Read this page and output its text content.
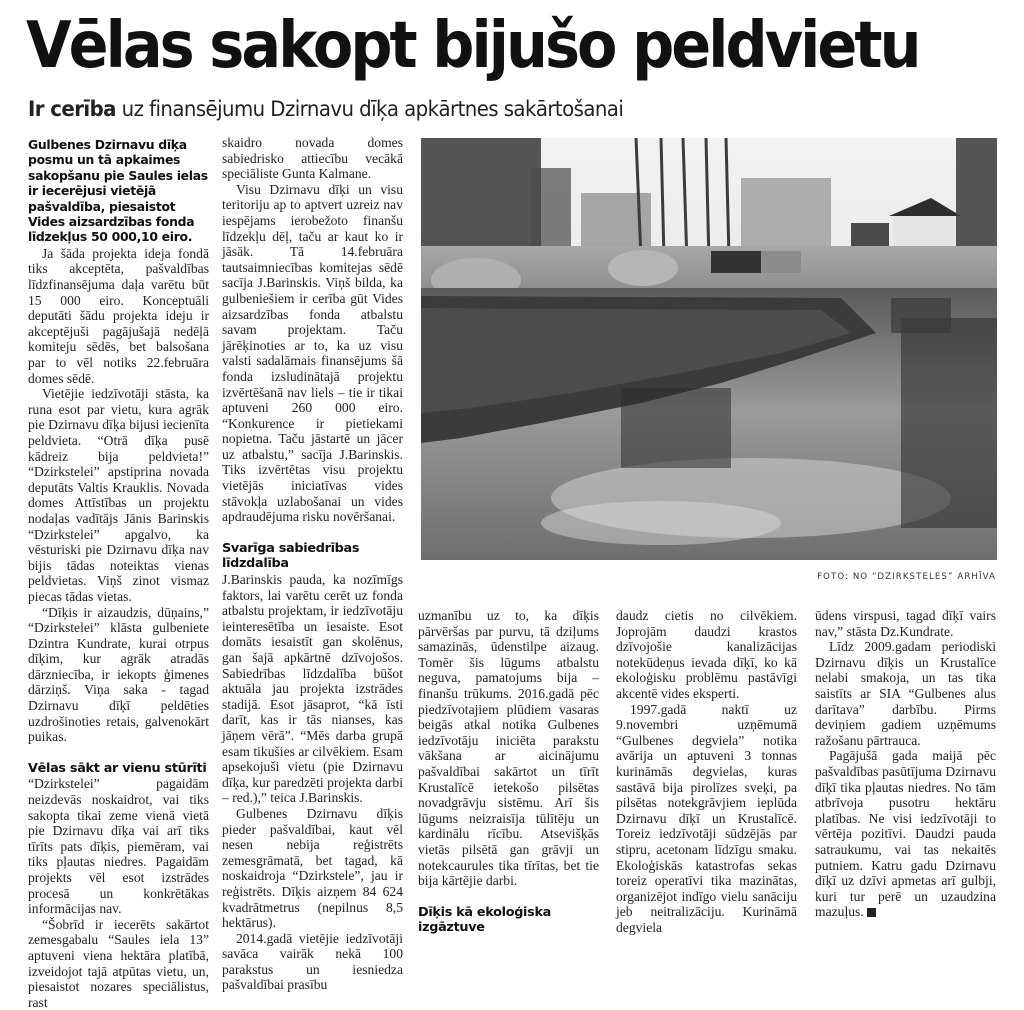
Vēlas sakopt bijušo peldvietu
Ir cerība uz finansējumu Dzirnavu dīķa apkārtnes sakārtošanai
Gulbenes Dzirnavu dīķa posmu un tā apkaimes sakopšanu pie Saules ielas ir iecerējusi vietējā pašvaldība, piesaistot Vides aizsardzības fonda līdzekļus 50 000,10 eiro.

Ja šāda projekta ideja fondā tiks akceptēta, pašvaldības līdzfinansējuma daļa varētu būt 15 000 eiro. Konceptuāli deputāti šādu projekta ideju ir akceptējuši pagājušajā nedēļā komiteju sēdēs, bet balsošana par to vēl notiks 22.februāra domes sēdē.

Vietējie iedzīvotāji stāsta, ka runa esot par vietu, kura agrāk pie Dzirnavu dīķa bijusi iecienīta peldvieta. “Otrā dīķa pusē kādreiz bija peldvieta!” “Dzirkstelei” apstiprina novada deputāts Valtis Krauklis. Novada domes Attīstības un projektu nodaļas vadītājs Jānis Barinskis “Dzirkstelei” apgalvo, ka vēsturiski pie Dzirnavu dīķa nav bijis tādas noteiktas vienas peldvietas. Viņš zinot vismaz piecas tādas vietas.

“Dīķis ir aizaudzis, dūņains,” “Dzirkstelei” klāsta gulbeniete Dzintra Kundrate, kurai otrpus dīķim, kur agrāk atradās dārzniecība, ir iekopts ģimenes dārziņš. Viņa saka - tagad Dzirnavu dīķī peldēties uzdrošinoties retais, galvenokārt puikas.

Vēlas sākt ar vienu stūrīti

“Dzirkstelei” pagaidām neizdevās noskaidrot, vai tiks sakopta tikai zeme vienā vietā pie Dzirnavu dīķa vai arī tiks tīrīts pats dīķis, piemēram, vai tiks pļautas niedres. Pagaidām projekts vēl esot izstrādes procesā un konkrētākas informācijas nav.

“Šobrīd ir iecerēts sakārtot zemesgabalu “Saules iela 13” aptuveni viena hektāra platībā, izveidojot tajā atpūtas vietu, un, piesaistot nozares speciālistus, rast

skaidro novada domes sabiedrisko attiecību vecākā speciāliste Gunta Kalmane.

Visu Dzirnavu dīķi un visu teritoriju ap to aptvert uzreiz nav iespējams ierobežoto finanšu līdzekļu dēļ, taču ar kaut ko ir jāsāk. Tā 14.februāra tautsaimniecības komitejas sēdē sacīja J.Barinskis. Viņš bilda, ka gulbeniešiem ir cerība gūt Vides aizsardzības fonda atbalstu savam projektam. Taču jārēķinoties ar to, ka uz visu valsti sadalāmais finansējums šā fonda izsludinātajā projektu izvērtēšanā nav liels – tie ir tikai aptuveni 260 000 eiro. “Konkurence ir pietiekami nopietna. Taču jāstartē un jācer uz atbalstu,” sacīja J.Barinskis. Tiks izvērtētas visu projektu vietējās iniciatīvas vides stāvokļa uzlabošanai un vides apdraudējuma risku novēršanai.

Svarīga sabiedrības līdzdalība

J.Barinskis pauda, ka nozīmīgs faktors, lai varētu cerēt uz fonda atbalstu projektam, ir iedzīvotāju ieinteresētība un iesaiste. Esot domāts iesaistīt gan skolēnus, gan šajā apkārtnē dzīvojošos. Sabiedrības līdzdalība būšot aktuāla jau projekta izstrādes stadijā. Esot jāsaprot, “kā īsti darīt, kas ir tās nianses, kas jāņem vērā”. “Mēs darba grupā esam tikušies ar cilvēkiem. Esam apsekojuši vietu (pie Dzirnavu dīķa, kur paredzēti projekta darbi – red.),” teica J.Barinskis.

Gulbenes Dzirnavu dīķis pieder pašvaldībai, kaut vēl nesen nebija reģistrēts zemesgrāmatā, bet tagad, kā noskaidroja “Dzirkstele”, jau ir reģistrēts. Dīķis aizņem 84 624 kvadrātmetrus (nepilnus 8,5 hektārus).

2014.gadā vietējie iedzīvotāji savāca vairāk nekā 100 parakstus un iesniedza pašvaldībai prasību

FOTO: NO “DZIRKSTELES” ARHĪVA

uzmanību uz to, ka dīķis pārvēršas par purvu, tā dziļums samazinās, ūdenstilpe aizaug. Tomēr šis lūgums atbalstu neguva, pamatojums bija – finanšu trūkums. 2016.gadā pēc piedzīvotajiem plūdiem vasaras beigās atkal notika Gulbenes iedzīvotāju iniciēta parakstu vākšana ar aicinājumu pašvaldībai sakārtot un tīrīt Krustalīcē ietekošo pilsētas novadgrāvju sistēmu. Arī šis lūgums neizraisīja tūlītēju un kardinālu rīcību. Atsevišķās vietās pilsētā gan grāvji un notekcaurules tika tīrītas, bet tie bija kārtējie darbi.

Dīķis kā ekoloģiska izgāztuve

daudz cietis no cilvēkiem. Joprojām daudzi krastos dzīvojošie kanalizācijas notekūdeņus ievada dīķī, ko kā ekoloģisku problēmu pastāvīgi akcentē vides eksperti.

1997.gadā naktī uz 9.novembri uzņēmumā “Gulbenes degviela” notika avārija un aptuveni 3 tonnas kurināmās degvielas, kuras sastāvā bija pirolīzes sveķi, pa pilsētas notekgrāvjiem ieplūda Dzirnavu dīķī un Krustalīcē. Toreiz iedzīvotāji sūdzējās par stipru, acetonam līdzīgu smaku. Ekoloģiskās katastrofas sekas toreiz operatīvi tika mazinātas, organizējot indīgo vielu sanāciju jeb neitralizāciju. Kurināmā degviela

ūdens virspusi, tagad dīķī vairs nav,” stāsta Dz.Kundrate.

Līdz 2009.gadam periodiski Dzirnavu dīķis un Krustalīce nelabi smakoja, un tas tika saistīts ar SIA “Gulbenes alus darītava” darbību. Pirms deviņiem gadiem uzņēmums ražošanu pārtrauca.

Pagājušā gada maijā pēc pašvaldības pasūtījuma Dzirnavu dīķī tika pļautas niedres. No tām atbrīvoja pusotru hektāru platības. Ne visi iedzīvotāji to vērtēja pozitīvi. Daudzi pauda satraukumu, vai tas nekaitēs putniem. Katru gadu Dzirnavu dīķī uz dzīvi apmetas arī gulbji, kuri tur perē un uzaudzina mazuļus.
